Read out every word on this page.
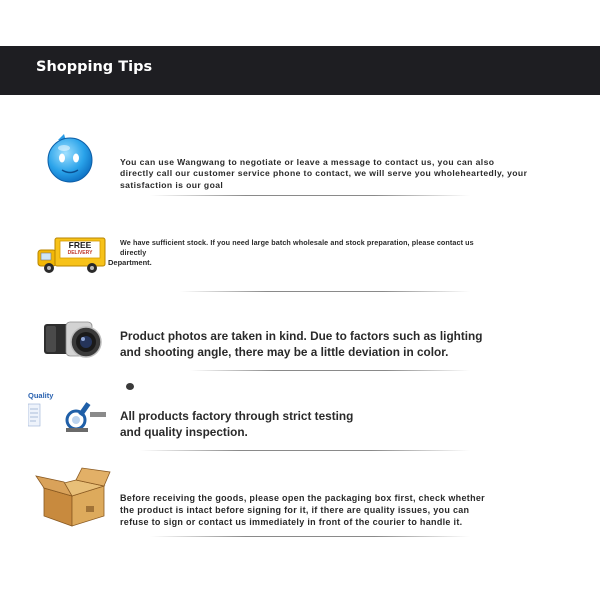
Shopping Tips
You can use Wangwang to negotiate or leave a message to contact us, you can also directly call our customer service phone to contact, we will serve you wholeheartedly, your satisfaction is our goal
FREE
DELIVERY
We have sufficient stock. If you need large batch wholesale and stock preparation, please contact us directly
Department.
Product photos are taken in kind. Due to factors such as lighting and shooting angle, there may be a little deviation in color.
Quality
All products factory through strict testing and quality inspection.
Before receiving the goods, please open the packaging box first, check whether the product is intact before signing for it, if there are quality issues, you can refuse to sign or contact us immediately in front of the courier to handle it.
